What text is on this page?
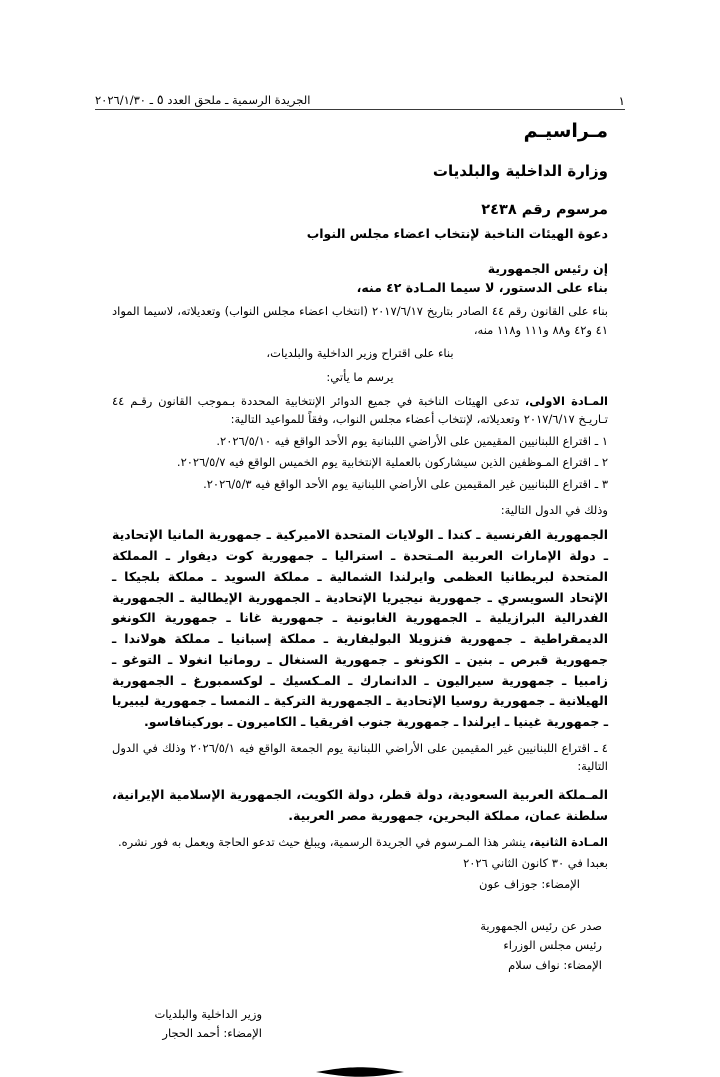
الجريدة الرسمية ـ ملحق العدد ٥ ـ ٢٠٢٦/١/٣٠	١
مـراسيـم
وزارة الداخلية والبلديات
مرسوم رقم ٢٤٣٨
دعوة الهيئات الناخبة لإنتخاب اعضاء مجلس النواب

إن رئيس الجمهورية

بناء على الدستور، لا سيما المـادة ٤٢ منه،

بناء على القانون رقم ٤٤ الصادر بتاريخ ٢٠١٧/٦/١٧ (انتخاب اعضاء مجلس النواب) وتعديلاته، لاسيما المواد ٤١ و٤٢ و٨٨ و١١١ و١١٨ منه،

بناء على اقتراح وزير الداخلية والبلديات،

يرسم ما يأتي:

المـادة الاولى، تدعى الهيئات الناخبة في جميع الدوائر الإنتخابية المحددة بـموجب القانون رقـم ٤٤ تـاريـخ ٢٠١٧/٦/١٧ وتعديلاته، لإنتخاب أعضاء مجلس النواب، وفقاً للمواعيد التالية:

١ ـ اقتراع اللبنانيين المقيمين على الأراضي اللبنانية يوم الأحد الواقع فيه ٢٠٢٦/٥/١٠.

٢ ـ اقتراع المـوظفين الذين سيشاركون بالعملية الإنتخابية يوم الخميس الواقع فيه ٢٠٢٦/٥/٧.

٣ ـ اقتراع اللبنانيين غير المقيمين على الأراضي اللبنانية يوم الأحد الواقع فيه ٢٠٢٦/٥/٣.

وذلك في الدول التالية:

الجمهورية الفرنسية ـ كندا ـ الولايات المتحدة الاميركية ـ جمهورية المانيا الإتحادية ـ دولة الإمارات العربية المـتحدة ـ استراليا ـ جمهورية كوت ديفوار ـ المملكة المتحدة لبريطانيا العظمى وايرلندا الشمالية ـ مملكة السويد ـ مملكة بلجيكا ـ الإتحاد السويسري ـ جمهورية نيجيريا الإتحادية ـ الجمهورية الإيطالية ـ الجمهورية الفدرالية البرازيلية ـ الجمهورية الغابونية ـ جمهورية غانا ـ جمهورية الكونغو الديمقراطية ـ جمهورية فنزويلا البوليفارية ـ مملكة إسبانيا ـ مملكة هولاندا ـ جمهورية قبرص ـ بنين ـ الكونغو ـ جمهورية السنغال ـ رومانيا انغولا ـ التوغو ـ زامبيا ـ جمهورية سيراليون ـ الدانمارك ـ المـكسيك ـ لوكسمبورغ ـ الجمهورية الهيلانية ـ جمهورية روسيا الإتحادية ـ الجمهورية التركية ـ النمسا ـ جمهورية ليبيريا ـ جمهورية غينيا ـ ايرلندا ـ جمهورية جنوب افريقيا ـ الكاميرون ـ بوركينافاسو.

٤ ـ اقتراع اللبنانيين غير المقيمين على الأراضي اللبنانية يوم الجمعة الواقع فيه ٢٠٢٦/٥/١ وذلك في الدول التالية:

المـملكة العربية السعودية، دولة قطر، دولة الكويت، الجمهورية الإسلامية الإيرانية، سلطنة عمان، مملكة البحرين، جمهورية مصر العربية.

المـادة الثانية، ينشر هذا المـرسوم في الجريدة الرسمية، ويبلغ حيث تدعو الحاجة ويعمل به فور نشره.

بعبدا في ٣٠ كانون الثاني ٢٠٢٦

الإمضاء: جوزاف عون

صدر عن رئيس الجمهورية
رئيس مجلس الوزراء
الإمضاء: نواف سلام
وزير الداخلية والبلديات
الإمضاء: أحمد الحجار
